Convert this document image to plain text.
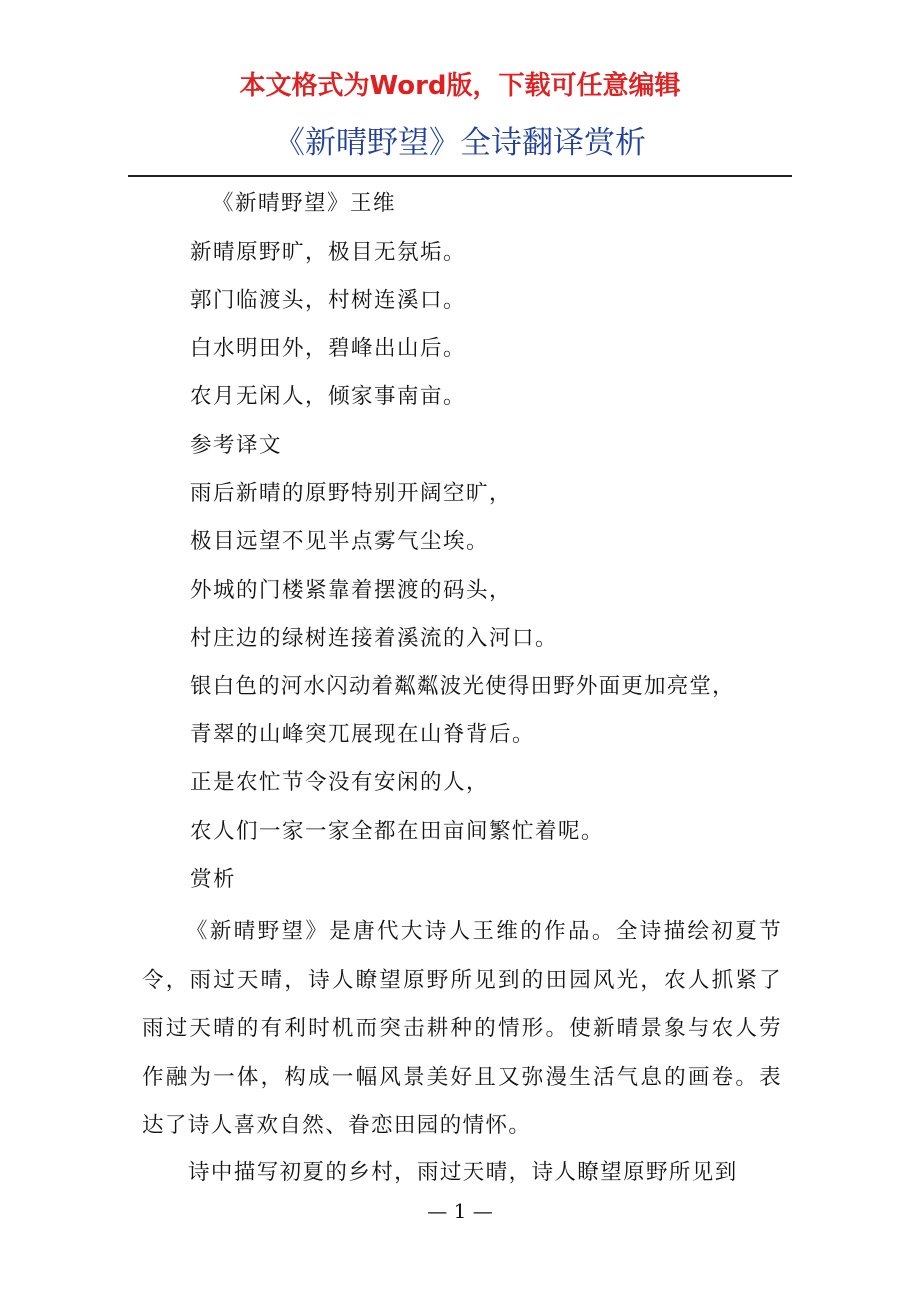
本文格式为Word版，下载可任意编辑
《新晴野望》全诗翻译赏析
《新晴野望》王维
新晴原野旷，极目无氛垢。
郭门临渡头，村树连溪口。
白水明田外，碧峰出山后。
农月无闲人，倾家事南亩。
参考译文
雨后新晴的原野特别开阔空旷，
极目远望不见半点雾气尘埃。
外城的门楼紧靠着摆渡的码头，
村庄边的绿树连接着溪流的入河口。
银白色的河水闪动着粼粼波光使得田野外面更加亮堂，
青翠的山峰突兀展现在山脊背后。
正是农忙节令没有安闲的人，
农人们一家一家全都在田亩间繁忙着呢。
赏析

《新晴野望》是唐代大诗人王维的作品。全诗描绘初夏节令，雨过天晴，诗人瞭望原野所见到的田园风光，农人抓紧了雨过天晴的有利时机而突击耕种的情形。使新晴景象与农人劳作融为一体，构成一幅风景美好且又弥漫生活气息的画卷。表达了诗人喜欢自然、眷恋田园的情怀。

诗中描写初夏的乡村，雨过天晴，诗人瞭望原野所见到

— 1 —
